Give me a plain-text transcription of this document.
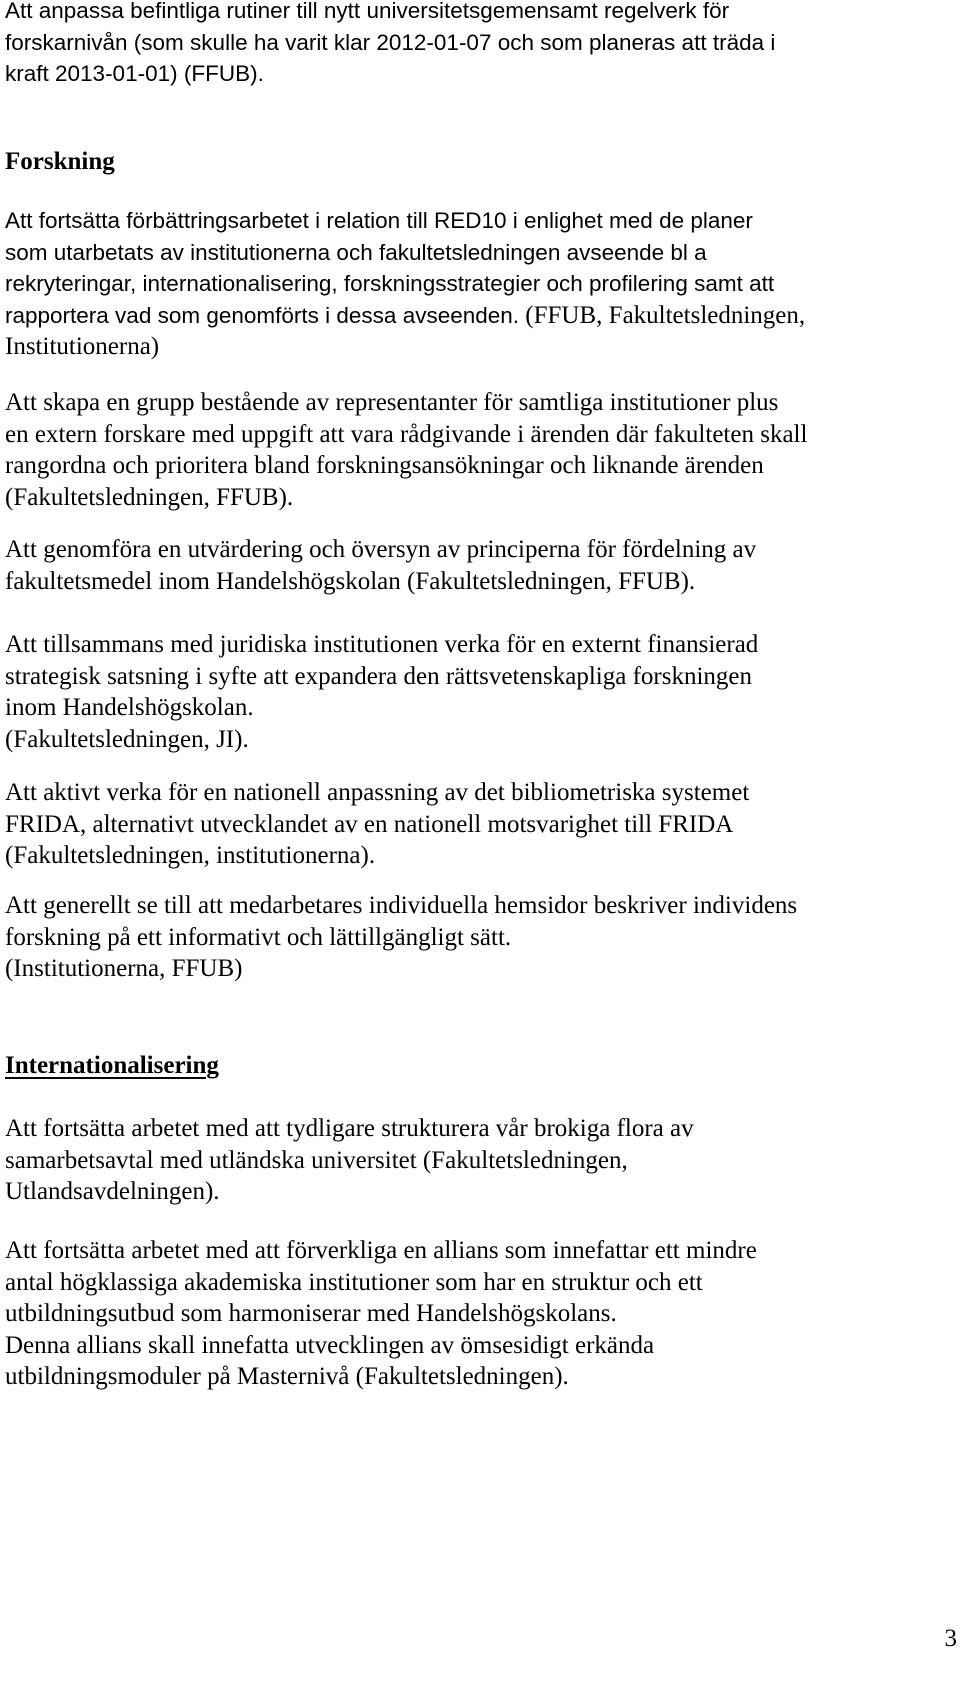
Att anpassa befintliga rutiner till nytt universitetsgemensamt regelverk för
forskarnivån (som skulle ha varit klar 2012-01-07 och som planeras att träda i
kraft 2013-01-01) (FFUB).

Forskning

Att fortsätta förbättringsarbetet i relation till RED10 i enlighet med de planer
som utarbetats av institutionerna och fakultetsledningen avseende bl a
rekryteringar, internationalisering, forskningsstrategier och profilering samt att
rapportera vad som genomförts i dessa avseenden. (FFUB, Fakultetsledningen,
Institutionerna)

Att skapa en grupp bestående av representanter för samtliga institutioner plus
en extern forskare med uppgift att vara rådgivande i ärenden där fakulteten skall
rangordna och prioritera bland forskningsansökningar och liknande ärenden
(Fakultetsledningen, FFUB).

Att genomföra en utvärdering och översyn av principerna för fördelning av
fakultetsmedel inom Handelshögskolan (Fakultetsledningen, FFUB).

Att tillsammans med juridiska institutionen verka för en externt finansierad
strategisk satsning i syfte att expandera den rättsvetenskapliga forskningen
inom Handelshögskolan.
(Fakultetsledningen, JI).

Att aktivt verka för en nationell anpassning av det bibliometriska systemet
FRIDA, alternativt utvecklandet av en nationell motsvarighet till FRIDA
(Fakultetsledningen, institutionerna).

Att generellt se till att medarbetares individuella hemsidor beskriver individens
forskning på ett informativt och lättillgängligt sätt.
(Institutionerna, FFUB)

Internationalisering

Att fortsätta arbetet med att tydligare strukturera vår brokiga flora av
samarbetsavtal med utländska universitet (Fakultetsledningen,
Utlandsavdelningen).

Att fortsätta arbetet med att förverkliga en allians som innefattar ett mindre
antal högklassiga akademiska institutioner som har en struktur och ett
utbildningsutbud som harmoniserar med Handelshögskolans.
Denna allians skall innefatta utvecklingen av ömsesidigt erkända
utbildningsmoduler på Masternivå (Fakultetsledningen).

3
